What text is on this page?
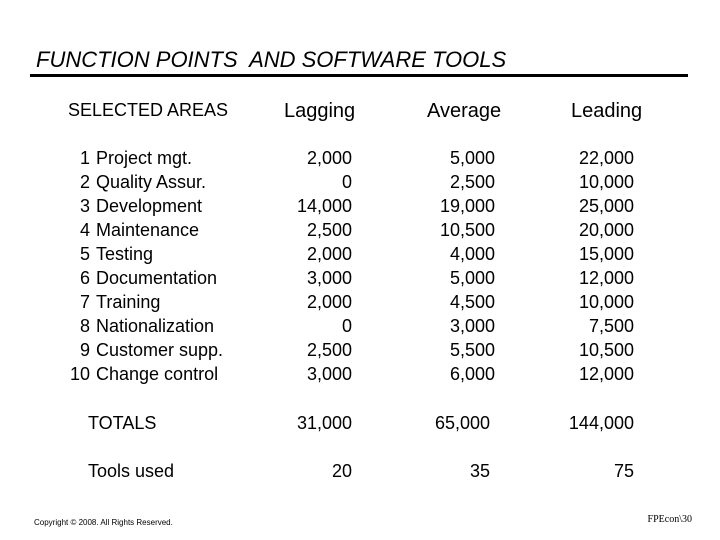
FUNCTION POINTS  AND SOFTWARE TOOLS
SELECTED AREAS	Lagging	Average	Leading
1 Project mgt.	2,000	5,000	22,000
2 Quality Assur.	0	2,500	10,000
3 Development	14,000	19,000	25,000
4 Maintenance	2,500	10,500	20,000
5 Testing	2,000	4,000	15,000
6 Documentation	3,000	5,000	12,000
7 Training	2,000	4,500	10,000
8 Nationalization	0	3,000	7,500
9 Customer supp.	2,500	5,500	10,500
10 Change control	3,000	6,000	12,000
TOTALS	31,000	65,000	144,000
Tools used	20	35	75
Copyright © 2008. All Rights Reserved.	FPEcon\30
